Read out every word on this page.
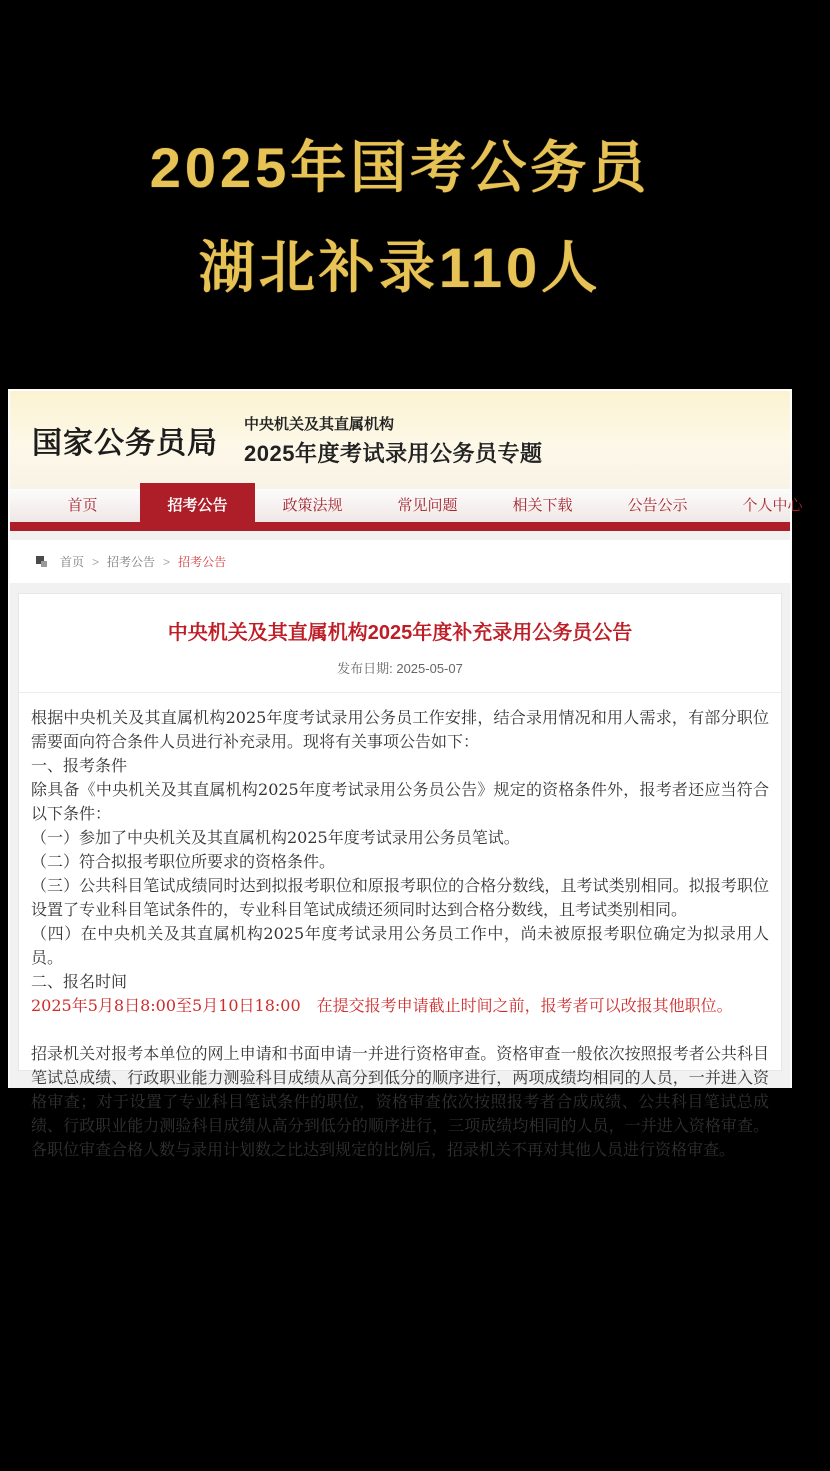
2025年国考公务员
湖北补录110人
国家公务员局
中央机关及其直属机构
2025年度考试录用公务员专题
首页	招考公告	政策法规	常见问题	相关下载	公告公示	个人中心
首页 > 招考公告 > 招考公告
中央机关及其直属机构2025年度补充录用公务员公告
发布日期: 2025-05-07

根据中央机关及其直属机构2025年度考试录用公务员工作安排，结合录用情况和用人需求，有部分职位需要面向符合条件人员进行补充录用。现将有关事项公告如下：

一、报考条件

除具备《中央机关及其直属机构2025年度考试录用公务员公告》规定的资格条件外，报考者还应当符合以下条件：

（一）参加了中央机关及其直属机构2025年度考试录用公务员笔试。

（二）符合拟报考职位所要求的资格条件。

（三）公共科目笔试成绩同时达到拟报考职位和原报考职位的合格分数线，且考试类别相同。拟报考职位设置了专业科目笔试条件的，专业科目笔试成绩还须同时达到合格分数线，且考试类别相同。

（四）在中央机关及其直属机构2025年度考试录用公务员工作中，尚未被原报考职位确定为拟录用人员。

二、报名时间

2025年5月8日8:00至5月10日18:00　在提交报考申请截止时间之前，报考者可以改报其他职位。

招录机关对报考本单位的网上申请和书面申请一并进行资格审查。资格审查一般依次按照报考者公共科目笔试总成绩、行政职业能力测验科目成绩从高分到低分的顺序进行，两项成绩均相同的人员，一并进入资格审查；对于设置了专业科目笔试条件的职位，资格审查依次按照报考者合成成绩、公共科目笔试总成绩、行政职业能力测验科目成绩从高分到低分的顺序进行，三项成绩均相同的人员，一并进入资格审查。各职位审查合格人数与录用计划数之比达到规定的比例后，招录机关不再对其他人员进行资格审查。
